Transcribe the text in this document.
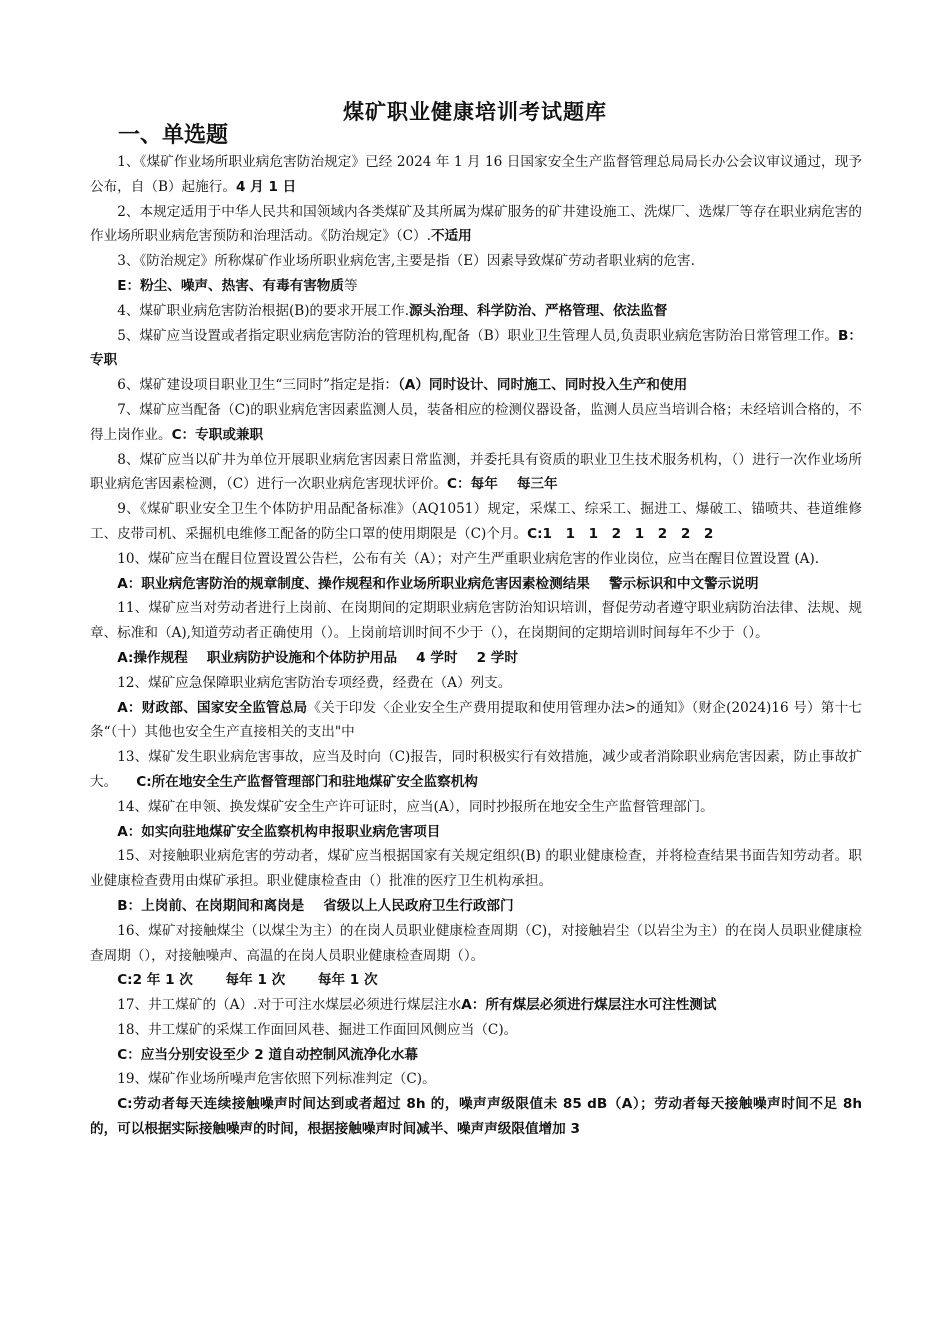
煤矿职业健康培训考试题库
一、单选题

1、《煤矿作业场所职业病危害防治规定》已经 2024 年 1 月 16 日国家安全生产监督管理总局局长办公会议审议通过，现予公布，自（B）起施行。4 月 1 日

2、本规定适用于中华人民共和国领域内各类煤矿及其所属为煤矿服务的矿井建设施工、洗煤厂、选煤厂等存在职业病危害的作业场所职业病危害预防和治理活动。《防治规定》（C）.不适用

3、《防治规定》所称煤矿作业场所职业病危害,主要是指（E）因素导致煤矿劳动者职业病的危害.

E：粉尘、噪声、热害、有毒有害物质等

4、煤矿职业病危害防治根据(B)的要求开展工作.源头治理、科学防治、严格管理、依法监督

5、煤矿应当设置或者指定职业病危害防治的管理机构,配备（B）职业卫生管理人员,负责职业病危害防治日常管理工作。B：专职

6、煤矿建设项目职业卫生“三同时”指定是指：（A）同时设计、同时施工、同时投入生产和使用

7、煤矿应当配备（C)的职业病危害因素监测人员，装备相应的检测仪器设备，监测人员应当培训合格；未经培训合格的，不得上岗作业。C：专职或兼职

8、煤矿应当以矿井为单位开展职业病危害因素日常监测，并委托具有资质的职业卫生技术服务机构，（）进行一次作业场所职业病危害因素检测，（C）进行一次职业病危害现状评价。C：每年 每三年

9、《煤矿职业安全卫生个体防护用品配备标准》（AQ1051）规定，采煤工、综采工、掘进工、爆破工、锚喷共、巷道维修工、皮带司机、采掘机电维修工配备的防尘口罩的使用期限是（C)个月。C:1　1　1　2　1　2　2　2

10、煤矿应当在醒目位置设置公告栏，公布有关（A）；对产生严重职业病危害的作业岗位，应当在醒目位置设置 (A).

A：职业病危害防治的规章制度、操作规程和作业场所职业病危害因素检测结果 警示标识和中文警示说明

11、煤矿应当对劳动者进行上岗前、在岗期间的定期职业病危害防治知识培训，督促劳动者遵守职业病防治法律、法规、规章、标准和（A),知道劳动者正确使用（）。上岗前培训时间不少于（），在岗期间的定期培训时间每年不少于（）。

A:操作规程 职业病防护设施和个体防护用品 4 学时 2 学时

12、煤矿应急保障职业病危害防治专项经费，经费在（A）列支。

A：财政部、国家安全监管总局《关于印发〈企业安全生产费用提取和使用管理办法>的通知》（财企(2024)16 号）第十七条“（十）其他也安全生产直接相关的支出"中

13、煤矿发生职业病危害事故，应当及时向（C)报告，同时积极实行有效措施，减少或者消除职业病危害因素，防止事故扩大。 C:所在地安全生产监督管理部门和驻地煤矿安全监察机构

14、煤矿在申领、换发煤矿安全生产许可证时，应当(A），同时抄报所在地安全生产监督管理部门。

A：如实向驻地煤矿安全监察机构申报职业病危害项目

15、对接触职业病危害的劳动者，煤矿应当根据国家有关规定组织(B) 的职业健康检查，并将检查结果书面告知劳动者。职业健康检查费用由煤矿承担。职业健康检查由（）批准的医疗卫生机构承担。

B：上岗前、在岗期间和离岗是 省级以上人民政府卫生行政部门

16、煤矿对接触煤尘（以煤尘为主）的在岗人员职业健康检查周期（C)，对接触岩尘（以岩尘为主）的在岗人员职业健康检查周期（），对接触噪声、高温的在岗人员职业健康检查周期（）。

C:2 年 1 次 每年 1 次 每年 1 次

17、井工煤矿的（A）.对于可注水煤层必须进行煤层注水A：所有煤层必须进行煤层注水可注性测试

18、井工煤矿的采煤工作面回风巷、掘进工作面回风侧应当（C)。

C：应当分别安设至少 2 道自动控制风流净化水幕

19、煤矿作业场所噪声危害依照下列标准判定（C)。

C:劳动者每天连续接触噪声时间达到或者超过 8h 的，噪声声级限值未 85 dB（A）；劳动者每天接触噪声时间不足 8h 的，可以根据实际接触噪声的时间，根据接触噪声时间减半、噪声声级限值增加 3
